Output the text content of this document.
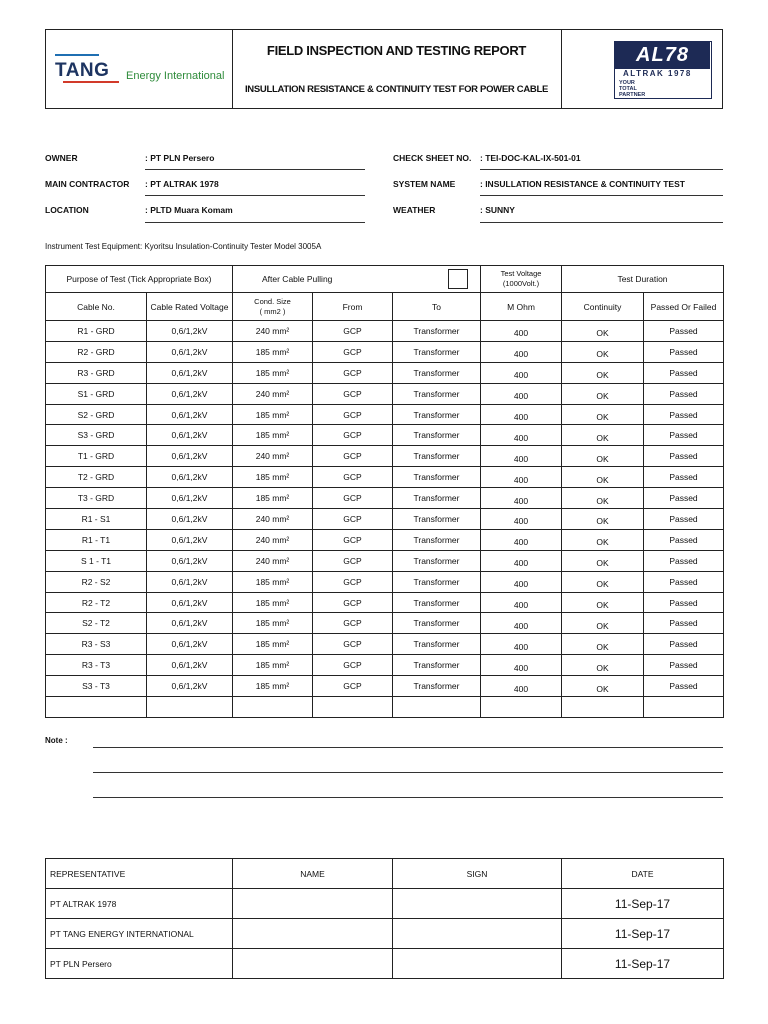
TANG Energy International
FIELD INSPECTION AND TESTING REPORT
INSULLATION RESISTANCE & CONTINUITY TEST FOR POWER CABLE
AL78
ALTRAK 1978
YOUR
TOTAL
PARTNER
OWNER	: PT PLN Persero	CHECK SHEET NO. : TEI-DOC-KAL-IX-501-01
MAIN CONTRACTOR : PT ALTRAK 1978	SYSTEM NAME	: INSULLATION RESISTANCE & CONTINUITY TEST
LOCATION	: PLTD Muara Komam	WEATHER	: SUNNY
Instrument Test Equipment: Kyoritsu Insulation-Continuity Tester Model 3005A
Purpose of Test (Tick Appropriate Box)		After Cable Pulling			Test Voltage
(1000Volt.)	Test Duration	
Cable No.	Cable Rated Voltage	Cond. Size
( mm2 )	From	To	M Ohm	Continuity	Passed Or Failed
R1 - GRD	0,6/1,2kV	240 mm²	GCP	Transformer	400	OK	Passed
R2 - GRD	0,6/1,2kV	185 mm²	GCP	Transformer	400	OK	Passed
R3 - GRD	0,6/1,2kV	185 mm²	GCP	Transformer	400	OK	Passed
S1 - GRD	0,6/1,2kV	240 mm²	GCP	Transformer	400	OK	Passed
S2 - GRD	0,6/1,2kV	185 mm²	GCP	Transformer	400	OK	Passed
S3 - GRD	0,6/1,2kV	185 mm²	GCP	Transformer	400	OK	Passed
T1 - GRD	0,6/1,2kV	240 mm²	GCP	Transformer	400	OK	Passed
T2 - GRD	0,6/1,2kV	185 mm²	GCP	Transformer	400	OK	Passed
T3 - GRD	0,6/1,2kV	185 mm²	GCP	Transformer	400	OK	Passed
R1 - S1	0,6/1,2kV	240 mm²	GCP	Transformer	400	OK	Passed
R1 - T1	0,6/1,2kV	240 mm²	GCP	Transformer	400	OK	Passed
S 1 - T1	0,6/1,2kV	240 mm²	GCP	Transformer	400	OK	Passed
R2 - S2	0,6/1,2kV	185 mm²	GCP	Transformer	400	OK	Passed
R2 - T2	0,6/1,2kV	185 mm²	GCP	Transformer	400	OK	Passed
S2 - T2	0,6/1,2kV	185 mm²	GCP	Transformer	400	OK	Passed
R3 - S3	0,6/1,2kV	185 mm²	GCP	Transformer	400	OK	Passed
R3 - T3	0,6/1,2kV	185 mm²	GCP	Transformer	400	OK	Passed
S3 - T3	0,6/1,2kV	185 mm²	GCP	Transformer	400	OK	Passed

Note :
REPRESENTATIVE	NAME	SIGN	DATE
PT ALTRAK 1978			11-Sep-17
PT TANG ENERGY INTERNATIONAL			11-Sep-17
PT PLN Persero			11-Sep-17
